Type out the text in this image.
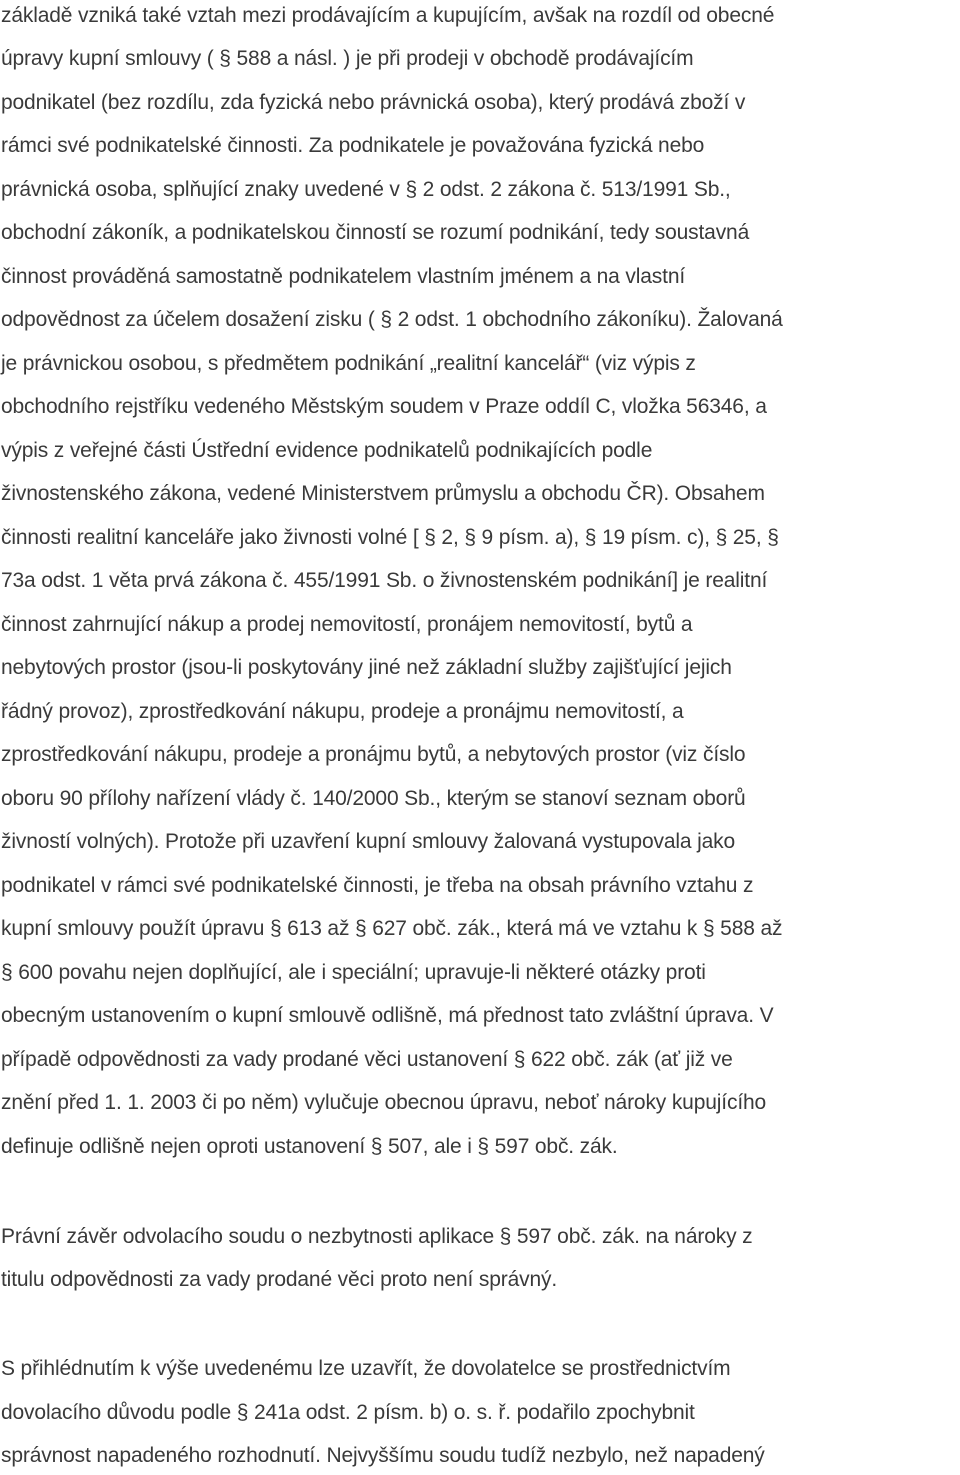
základě vzniká také vztah mezi prodávajícím a kupujícím, avšak na rozdíl od obecné
úpravy kupní smlouvy ( § 588 a násl. ) je při prodeji v obchodě prodávajícím
podnikatel (bez rozdílu, zda fyzická nebo právnická osoba), který prodává zboží v
rámci své podnikatelské činnosti. Za podnikatele je považována fyzická nebo
právnická osoba, splňující znaky uvedené v § 2 odst. 2 zákona č. 513/1991 Sb.,
obchodní zákoník, a podnikatelskou činností se rozumí podnikání, tedy soustavná
činnost prováděná samostatně podnikatelem vlastním jménem a na vlastní
odpovědnost za účelem dosažení zisku ( § 2 odst. 1 obchodního zákoníku). Žalovaná
je právnickou osobou, s předmětem podnikání „realitní kancelář“ (viz výpis z
obchodního rejstříku vedeného Městským soudem v Praze oddíl C, vložka 56346, a
výpis z veřejné části Ústřední evidence podnikatelů podnikajících podle
živnostenského zákona, vedené Ministerstvem průmyslu a obchodu ČR). Obsahem
činnosti realitní kanceláře jako živnosti volné [ § 2, § 9 písm. a), § 19 písm. c), § 25, §
73a odst. 1 věta prvá zákona č. 455/1991 Sb. o živnostenském podnikání] je realitní
činnost zahrnující nákup a prodej nemovitostí, pronájem nemovitostí, bytů a
nebytových prostor (jsou-li poskytovány jiné než základní služby zajišťující jejich
řádný provoz), zprostředkování nákupu, prodeje a pronájmu nemovitostí, a
zprostředkování nákupu, prodeje a pronájmu bytů, a nebytových prostor (viz číslo
oboru 90 přílohy nařízení vlády č. 140/2000 Sb., kterým se stanoví seznam oborů
živností volných). Protože při uzavření kupní smlouvy žalovaná vystupovala jako
podnikatel v rámci své podnikatelské činnosti, je třeba na obsah právního vztahu z
kupní smlouvy použít úpravu § 613 až § 627 obč. zák., která má ve vztahu k § 588 až
§ 600 povahu nejen doplňující, ale i speciální; upravuje-li některé otázky proti
obecným ustanovením o kupní smlouvě odlišně, má přednost tato zvláštní úprava. V
případě odpovědnosti za vady prodané věci ustanovení § 622 obč. zák (ať již ve
znění před 1. 1. 2003 či po něm) vylučuje obecnou úpravu, neboť nároky kupujícího
definuje odlišně nejen oproti ustanovení § 507, ale i § 597 obč. zák.
Právní závěr odvolacího soudu o nezbytnosti aplikace § 597 obč. zák. na nároky z
titulu odpovědnosti za vady prodané věci proto není správný.
S přihlédnutím k výše uvedenému lze uzavřít, že dovolatelce se prostřednictvím
dovolacího důvodu podle § 241a odst. 2 písm. b) o. s. ř. podařilo zpochybnit
správnost napadeného rozhodnutí. Nejvyššímu soudu tudíž nezbylo, než napadený
